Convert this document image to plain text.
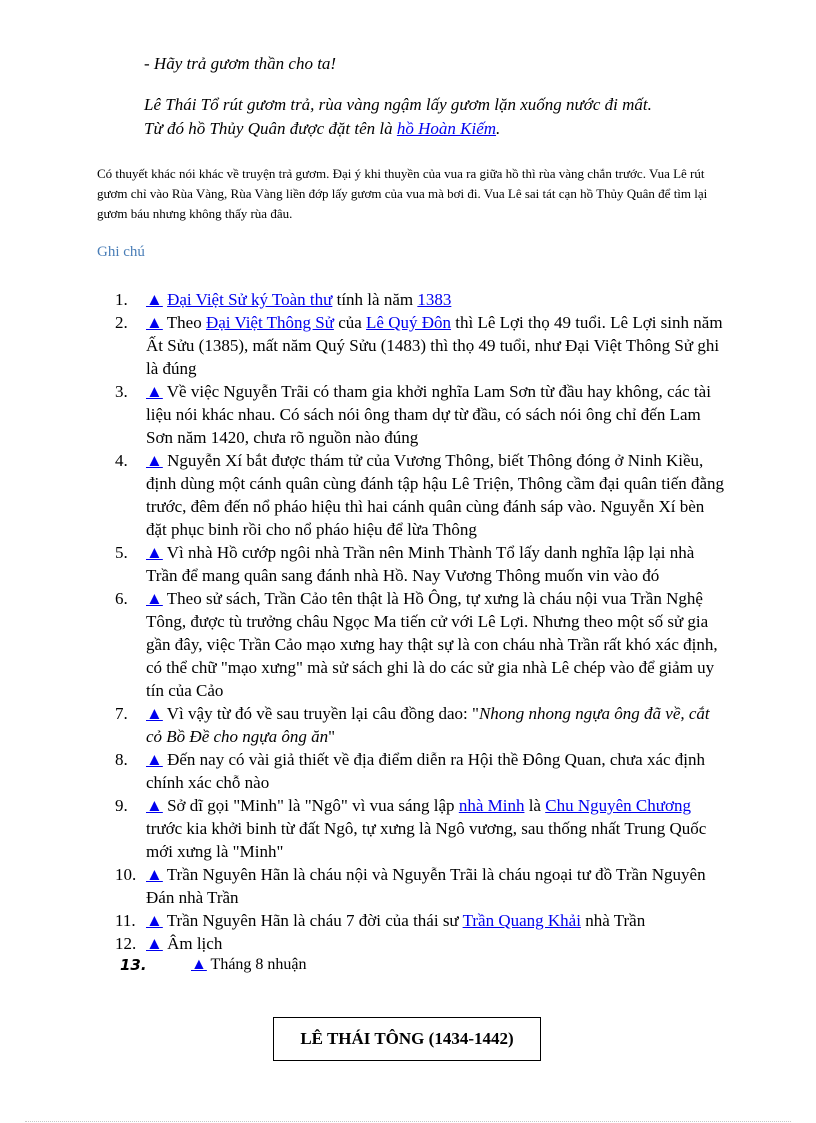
- Hãy trả gươm thần cho ta!
Lê Thái Tổ rút gươm trả, rùa vàng ngậm lấy gươm lặn xuống nước đi mất.
Từ đó hồ Thủy Quân được đặt tên là hồ Hoàn Kiếm.
Có thuyết khác nói khác về truyện trả gươm. Đại ý khi thuyền của vua ra giữa hồ thì rùa vàng chắn trước. Vua Lê rút gươm chỉ vào Rùa Vàng, Rùa Vàng liền đớp lấy gươm của vua mà bơi đi. Vua Lê sai tát cạn hồ Thủy Quân để tìm lại gươm báu nhưng không thấy rùa đâu.
Ghi chú
1. ▲ Đại Việt Sử ký Toàn thư tính là năm 1383
2. ▲ Theo Đại Việt Thông Sử của Lê Quý Đôn thì Lê Lợi thọ 49 tuổi. Lê Lợi sinh năm Ất Sửu (1385), mất năm Quý Sửu (1483) thì thọ 49 tuổi, như Đại Việt Thông Sử ghi là đúng
3. ▲ Về việc Nguyễn Trãi có tham gia khởi nghĩa Lam Sơn từ đầu hay không, các tài liệu nói khác nhau. Có sách nói ông tham dự từ đầu, có sách nói ông chỉ đến Lam Sơn năm 1420, chưa rõ nguồn nào đúng
4. ▲ Nguyễn Xí bắt được thám tử của Vương Thông, biết Thông đóng ở Ninh Kiều, định dùng một cánh quân cùng đánh tập hậu Lê Triện, Thông cầm đại quân tiến đằng trước, đêm đến nổ pháo hiệu thì hai cánh quân cùng đánh sáp vào. Nguyễn Xí bèn đặt phục binh rồi cho nổ pháo hiệu để lừa Thông
5. ▲ Vì nhà Hồ cướp ngôi nhà Trần nên Minh Thành Tổ lấy danh nghĩa lập lại nhà Trần để mang quân sang đánh nhà Hồ. Nay Vương Thông muốn vin vào đó
6. ▲ Theo sử sách, Trần Cảo tên thật là Hồ Ông, tự xưng là cháu nội vua Trần Nghệ Tông, được tù trưởng châu Ngọc Ma tiến cử với Lê Lợi. Nhưng theo một số sử gia gần đây, việc Trần Cảo mạo xưng hay thật sự là con cháu nhà Trần rất khó xác định, có thể chữ "mạo xưng" mà sử sách ghi là do các sử gia nhà Lê chép vào để giảm uy tín của Cảo
7. ▲ Vì vậy từ đó về sau truyền lại câu đồng dao: "Nhong nhong ngựa ông đã về, cắt cỏ Bồ Đề cho ngựa ông ăn"
8. ▲ Đến nay có vài giả thiết về địa điểm diễn ra Hội thề Đông Quan, chưa xác định chính xác chỗ nào
9. ▲ Sở dĩ gọi "Minh" là "Ngô" vì vua sáng lập nhà Minh là Chu Nguyên Chương trước kia khởi binh từ đất Ngô, tự xưng là Ngô vương, sau thống nhất Trung Quốc mới xưng là "Minh"
10. ▲ Trần Nguyên Hãn là cháu nội và Nguyễn Trãi là cháu ngoại tư đồ Trần Nguyên Đán nhà Trần
11. ▲ Trần Nguyên Hãn là cháu 7 đời của thái sư Trần Quang Khải nhà Trần
12. ▲ Âm lịch
13.	▲ Tháng 8 nhuận
LÊ THÁI TÔNG (1434-1442)
